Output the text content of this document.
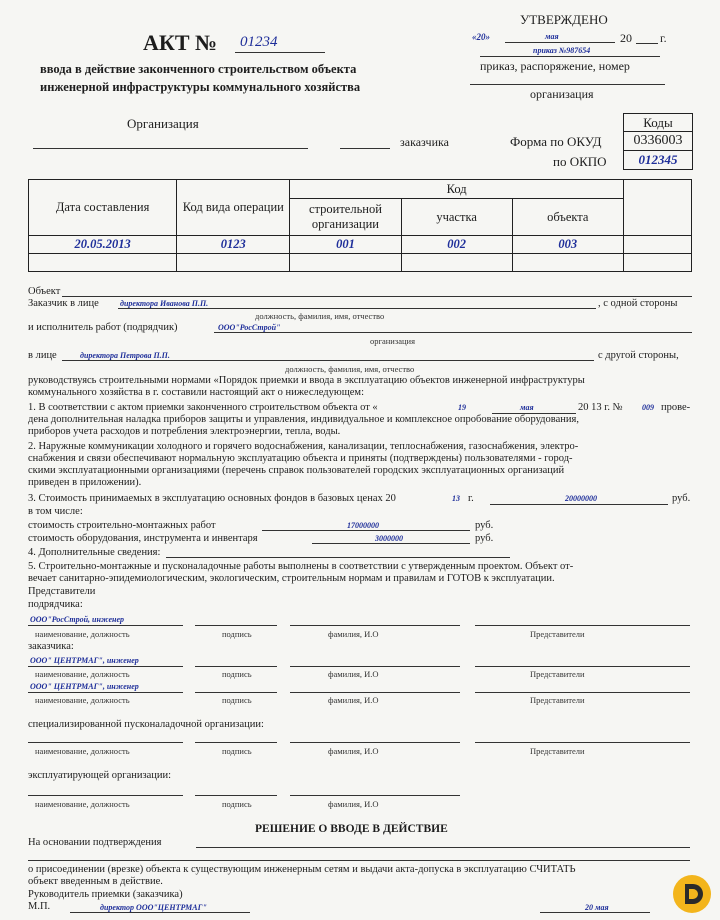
АКТ № 01234
ввода в действие законченного строительством объекта
инженерной инфраструктуры коммунального хозяйства
УТВЕРЖДЕНО
«20»	мая	20 г.
приказ №987654
приказ, распоряжение, номер
организация
Организация
заказчика	Форма по ОКУД
по ОКПО
Коды
0336003
012345
Дата составления	Код вида операции	Код			
		строительной организации	участка	объекта	
20.05.2013	0123	001	002	003	

Объект
Заказчик в лице	директора Иванова П.П.	, с одной стороны
должность, фамилия, имя, отчество
и исполнитель работ (подрядчик)	ООО"РосСтрой"
организация
в лице	директора Петрова П.П.	с другой стороны,
должность, фамилия, имя, отчество
руководствуясь строительными нормами «Порядок приемки и ввода в эксплуатацию объектов инженерной инфраструктуры
коммунального хозяйства в г. составили настоящий акт о нижеследующем:
1. В соответствии с актом приемки законченного строительством объекта от «	19	мая	20 13 г. № 009 прове-
дена дополнительная наладка приборов защиты и управления, индивидуальное и комплексное опробование оборудования,
приборов учета расходов и потребления электроэнергии, тепла, воды.
2. Наружные коммуникации холодного и горячего водоснабжения, канализации, теплоснабжения, газоснабжения, электро-
снабжения и связи обеспечивают нормальную эксплуатацию объекта и приняты (подтверждены) пользователями - город-
скими эксплуатационными организациями (перечень справок пользователей городских эксплуатационных организаций
приведен в приложении).
3. Стоимость принимаемых в эксплуатацию основных фондов в базовых ценах 20	13 г.	20000000	руб.
в том числе:
стоимость строительно-монтажных работ	17000000	руб.
стоимость оборудования, инструмента и инвентаря	3000000	руб.
4. Дополнительные сведения:
5. Строительно-монтажные и пусконаладочные работы выполнены в соответствии с утвержденным проектом. Объект от-
вечает санитарно-эпидемиологическим, экологическим, строительным нормам и правилам и ГОТОВ к эксплуатации.
Представители
подрядчика:
ООО"РосСтрой, инженер
наименование, должность	подпись	фамилия, И.О	Представители
заказчика:
ООО" ЦЕНТРМАГ", инженер
наименование, должность	подпись	фамилия, И.О	Представители
ООО" ЦЕНТРМАГ", инженер
наименование, должность	подпись	фамилия, И.О	Представители
специализированной пусконаладочной организации:
наименование, должность	подпись	фамилия, И.О	Представители
эксплуатирующей организации:
наименование, должность	подпись	фамилия, И.О
РЕШЕНИЕ О ВВОДЕ В ДЕЙСТВИЕ
На основании подтверждения
о присоединении (врезке) объекта к существующим инженерным сетям и выдачи акта-допуска в эксплуатацию СЧИТАТЬ
объект введенным в действие.
Руководитель приемки (заказчика)
М.П.	директор ООО"ЦЕНТРМАГ"	20 мая
